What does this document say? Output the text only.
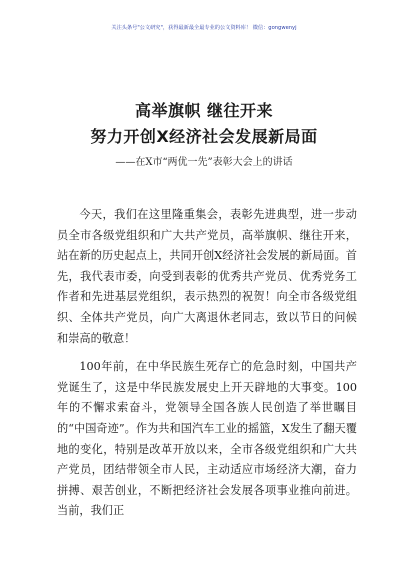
关注头条号"公文研究"，获得最新最全最专业的公文资料库！ 微信：gongwenyj
高举旗帜 继往开来
努力开创X经济社会发展新局面
——在X市“两优一先”表彰大会上的讲话

今天，我们在这里隆重集会，表彰先进典型，进一步动员全市各级党组织和广大共产党员，高举旗帜、继往开来，站在新的历史起点上，共同开创X经济社会发展的新局面。首先，我代表市委，向受到表彰的优秀共产党员、优秀党务工作者和先进基层党组织，表示热烈的祝贺！向全市各级党组织、全体共产党员，向广大离退休老同志，致以节日的问候和崇高的敬意！

100年前，在中华民族生死存亡的危急时刻，中国共产党诞生了，这是中华民族发展史上开天辟地的大事变。100年的不懈求索奋斗，党领导全国各族人民创造了举世瞩目的“中国奇迹”。作为共和国汽车工业的摇篮，X发生了翻天覆地的变化，特别是改革开放以来，全市各级党组织和广大共产党员，团结带领全市人民，主动适应市场经济大潮，奋力拼搏、艰苦创业，不断把经济社会发展各项事业推向前进。当前，我们正
